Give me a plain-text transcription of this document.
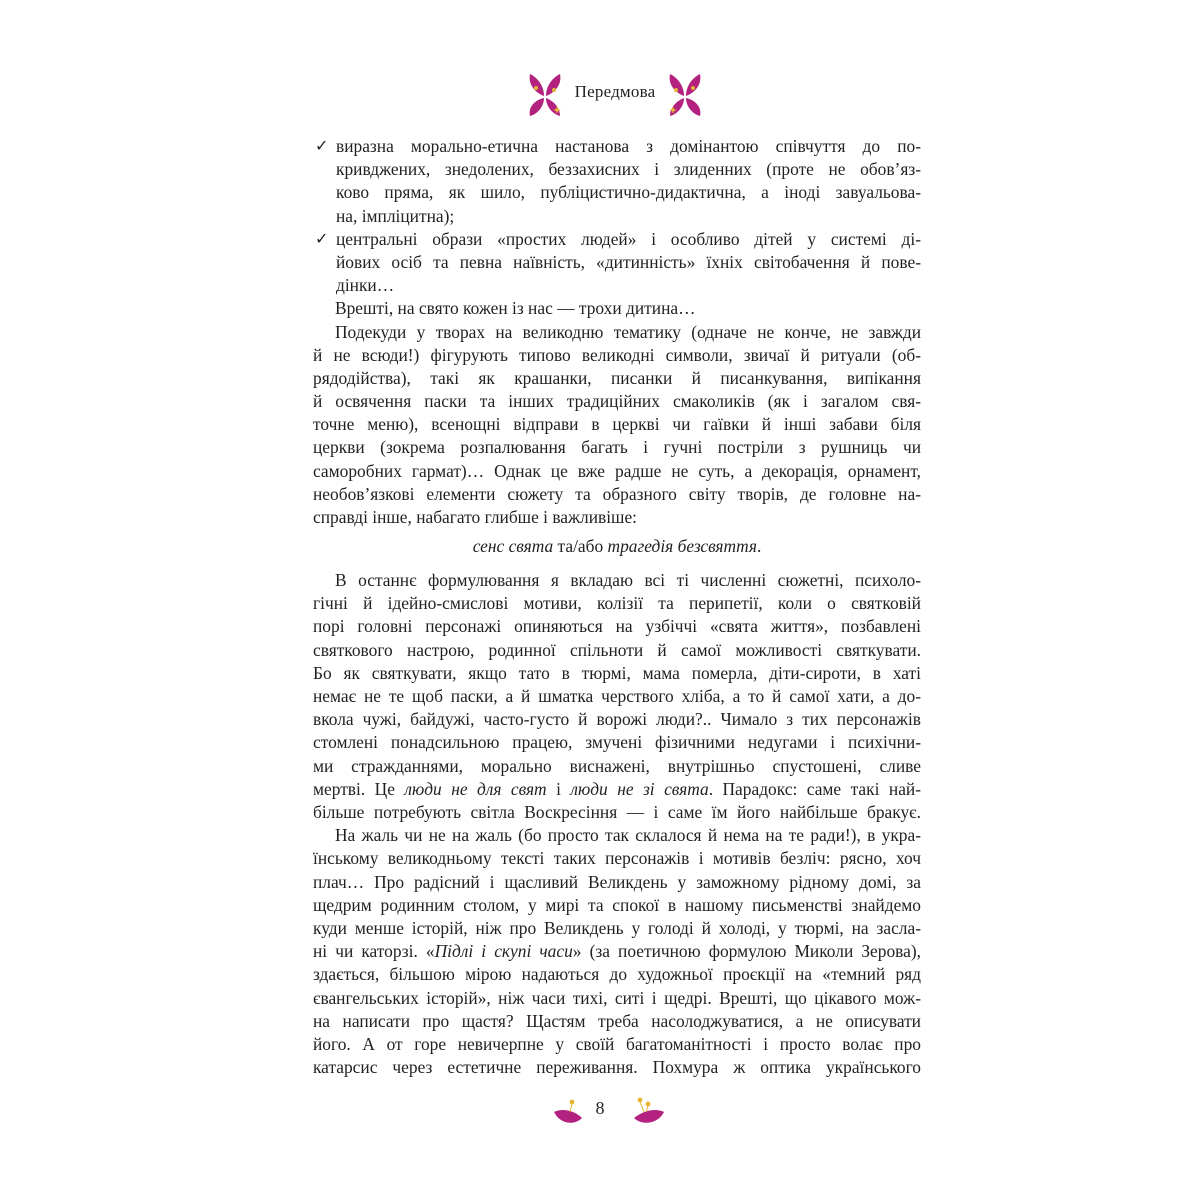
Передмова
✓ виразна морально-етична настанова з домінантою співчуття до по-
кривджених, знедолених, беззахисних і злиденних (проте не обов’яз-
ково пряма, як шило, публіцистично-дидактична, а іноді завуальова-
на, імпліцитна);
✓ центральні образи «простих людей» і особливо дітей у системі ді-
йових осіб та певна наївність, «дитинність» їхніх світобачення й пове-
дінки…
Врешті, на свято кожен із нас — трохи дитина…
Подекуди у творах на великодню тематику (одначе не конче, не завжди
й не всюди!) фігурують типово великодні символи, звичаї й ритуали (об-
рядодійства), такі як крашанки, писанки й писанкування, випікання
й освячення паски та інших традиційних смаколиків (як і загалом свя-
точне меню), всенощні відправи в церкві чи гаївки й інші забави біля
церкви (зокрема розпалювання багать і гучні постріли з рушниць чи
саморобних гармат)… Однак це вже радше не суть, а декорація, орнамент,
необов’язкові елементи сюжету та образного світу творів, де головне на-
справді інше, набагато глибше і важливіше:
сенс свята та/або трагедія безсвяття.
В останнє формулювання я вкладаю всі ті численні сюжетні, психоло-
гічні й ідейно-смислові мотиви, колізії та перипетії, коли о святковій
порі головні персонажі опиняються на узбіччі «свята життя», позбавлені
святкового настрою, родинної спільноти й самої можливості святкувати.
Бо як святкувати, якщо тато в тюрмі, мама померла, діти-сироти, в хаті
немає не те щоб паски, а й шматка черствого хліба, а то й самої хати, а до-
вкола чужі, байдужі, часто-густо й ворожі люди?.. Чимало з тих персонажів
стомлені понадсильною працею, змучені фізичними недугами і психічни-
ми стражданнями, морально виснажені, внутрішньо спустошені, сливе
мертві. Це люди не для свят і люди не зі свята. Парадокс: саме такі най-
більше потребують світла Воскресіння — і саме їм його найбільше бракує.
На жаль чи не на жаль (бо просто так склалося й нема на те ради!), в укра-
їнському великодньому тексті таких персонажів і мотивів безліч: рясно, хоч
плач… Про радісний і щасливий Великдень у заможному рідному домі, за
щедрим родинним столом, у мирі та спокої в нашому письменстві знайдемо
куди менше історій, ніж про Великдень у голоді й холоді, у тюрмі, на засла-
ні чи каторзі. «Підлі і скупі часи» (за поетичною формулою Миколи Зерова),
здається, більшою мірою надаються до художньої проєкції на «темний ряд
євангельських історій», ніж часи тихі, ситі і щедрі. Врешті, що цікавого мож-
на написати про щастя? Щастям треба насолоджуватися, а не описувати
його. А от горе невичерпне у своїй багатоманітності і просто волає про
катарсис через естетичне переживання. Похмура ж оптика українського
8
